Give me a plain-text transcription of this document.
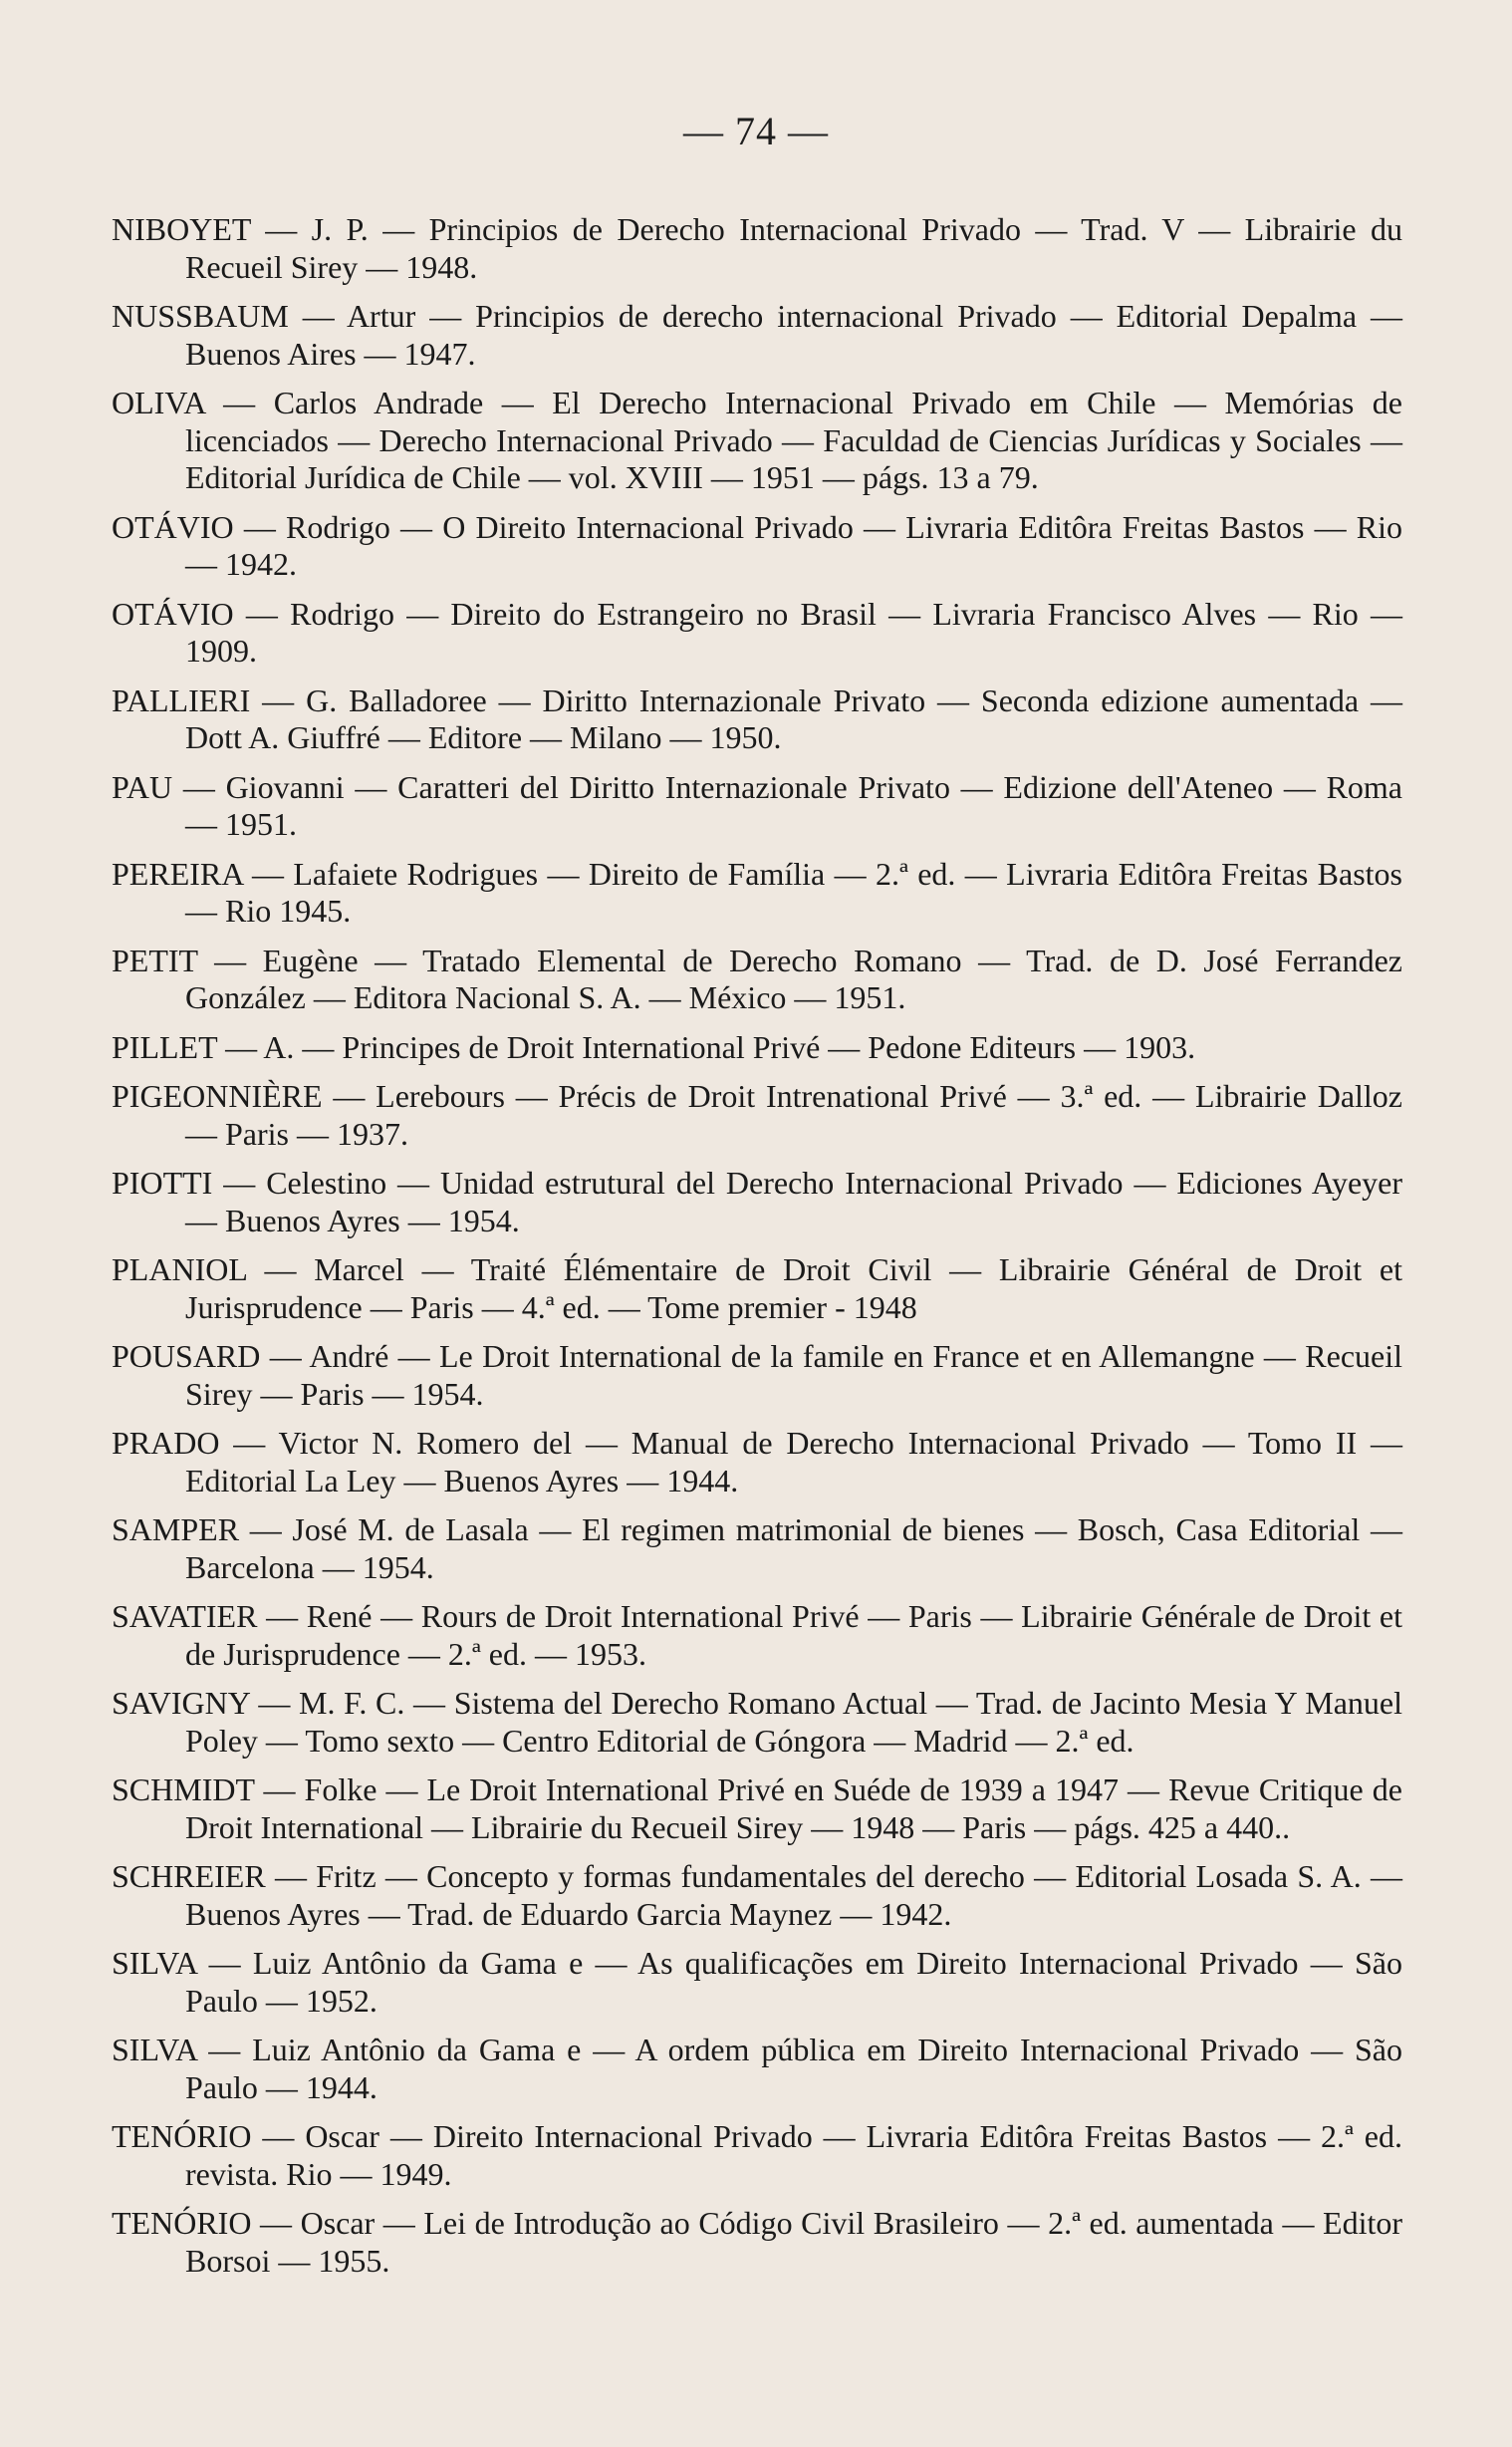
— 74 —

NIBOYET — J. P. — Principios de Derecho Internacional Privado — Trad. V — Librairie du Recueil Sirey — 1948.

NUSSBAUM — Artur — Principios de derecho internacional Privado — Editorial Depalma — Buenos Aires — 1947.

OLIVA — Carlos Andrade — El Derecho Internacional Privado em Chile — Memórias de licenciados — Derecho Internacional Privado — Faculdad de Ciencias Jurídicas y Sociales — Editorial Jurídica de Chile — vol. XVIII — 1951 — págs. 13 a 79.

OTÁVIO — Rodrigo — O Direito Internacional Privado — Livraria Editôra Freitas Bastos — Rio — 1942.

OTÁVIO — Rodrigo — Direito do Estrangeiro no Brasil — Livraria Francisco Alves — Rio — 1909.

PALLIERI — G. Balladoree — Diritto Internazionale Privato — Seconda edizione aumentada — Dott A. Giuffré — Editore — Milano — 1950.

PAU — Giovanni — Caratteri del Diritto Internazionale Privato — Edizione dell'Ateneo — Roma — 1951.

PEREIRA — Lafaiete Rodrigues — Direito de Família — 2.ª ed. — Livraria Editôra Freitas Bastos — Rio 1945.

PETIT — Eugène — Tratado Elemental de Derecho Romano — Trad. de D. José Ferrandez González — Editora Nacional S. A. — México — 1951.

PILLET — A. — Principes de Droit International Privé — Pedone Editeurs — 1903.

PIGEONNIÈRE — Lerebours — Précis de Droit Intrenational Privé — 3.ª ed. — Librairie Dalloz — Paris — 1937.

PIOTTI — Celestino — Unidad estrutural del Derecho Internacional Privado — Ediciones Ayeyer — Buenos Ayres — 1954.

PLANIOL — Marcel — Traité Élémentaire de Droit Civil — Librairie Général de Droit et Jurisprudence — Paris — 4.ª ed. — Tome premier - 1948

POUSARD — André — Le Droit International de la famile en France et en Allemangne — Recueil Sirey — Paris — 1954.

PRADO — Victor N. Romero del — Manual de Derecho Internacional Privado — Tomo II — Editorial La Ley — Buenos Ayres — 1944.

SAMPER — José M. de Lasala — El regimen matrimonial de bienes — Bosch, Casa Editorial — Barcelona — 1954.

SAVATIER — René — Rours de Droit International Privé — Paris — Librairie Générale de Droit et de Jurisprudence — 2.ª ed. — 1953.

SAVIGNY — M. F. C. — Sistema del Derecho Romano Actual — Trad. de Jacinto Mesia Y Manuel Poley — Tomo sexto — Centro Editorial de Góngora — Madrid — 2.ª ed.

SCHMIDT — Folke — Le Droit International Privé en Suéde de 1939 a 1947 — Revue Critique de Droit International — Librairie du Recueil Sirey — 1948 — Paris — págs. 425 a 440..

SCHREIER — Fritz — Concepto y formas fundamentales del derecho — Editorial Losada S. A. — Buenos Ayres — Trad. de Eduardo Garcia Maynez — 1942.

SILVA — Luiz Antônio da Gama e — As qualificações em Direito Internacional Privado — São Paulo — 1952.

SILVA — Luiz Antônio da Gama e — A ordem pública em Direito Internacional Privado — São Paulo — 1944.

TENÓRIO — Oscar — Direito Internacional Privado — Livraria Editôra Freitas Bastos — 2.ª ed. revista. Rio — 1949.

TENÓRIO — Oscar — Lei de Introdução ao Código Civil Brasileiro — 2.ª ed. aumentada — Editor Borsoi — 1955.
